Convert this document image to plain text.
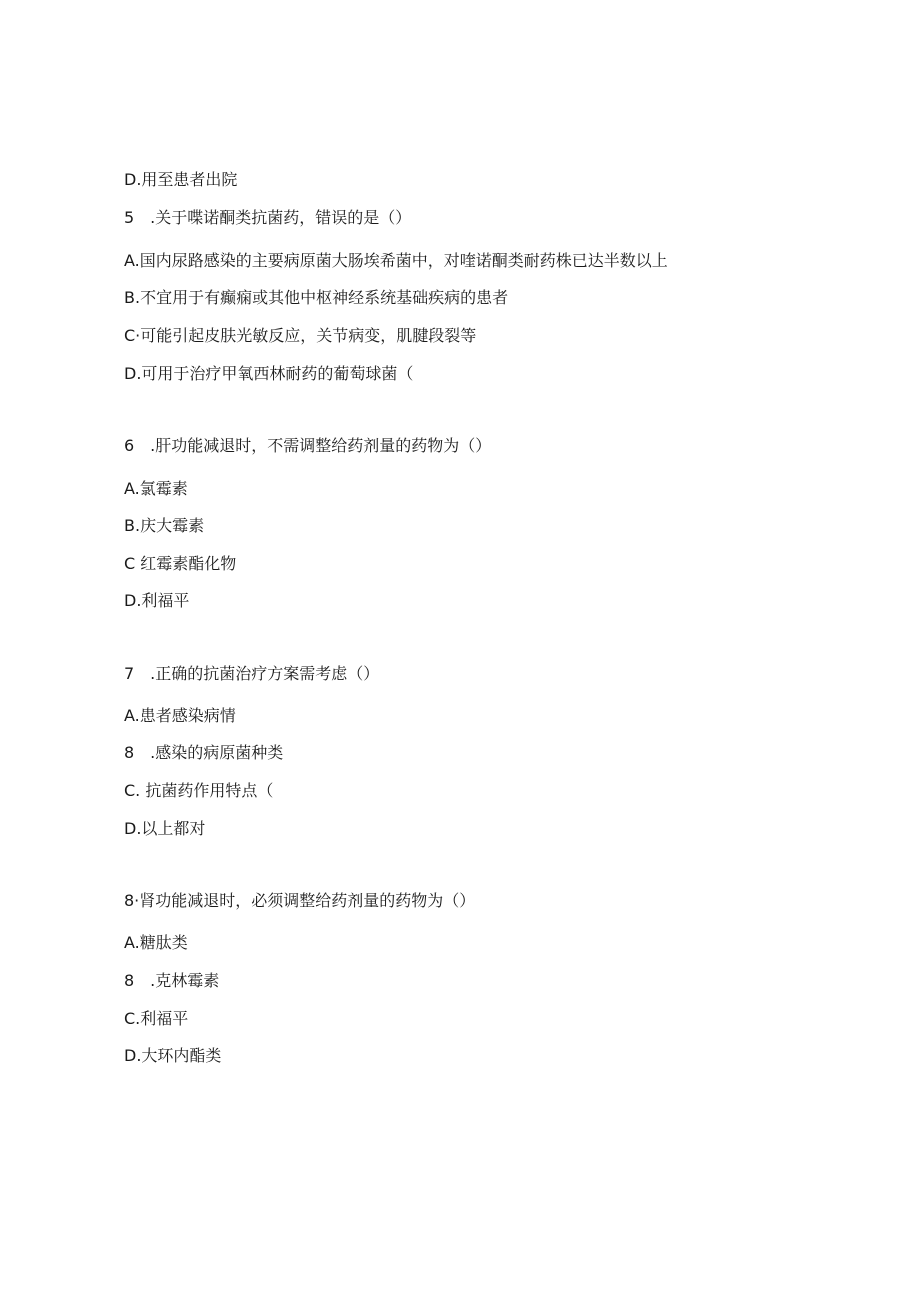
D.用至患者出院
5 .关于喋诺酮类抗菌药，错误的是（）
A.国内尿路感染的主要病原菌大肠埃希菌中，对喹诺酮类耐药株已达半数以上
B.不宜用于有癫痫或其他中枢神经系统基础疾病的患者
C·可能引起皮肤光敏反应，关节病变，肌腱段裂等
D.可用于治疗甲氧西林耐药的葡萄球菌（
6 .肝功能减退时，不需调整给药剂量的药物为（）
A.氯霉素
B.庆大霉素
C 红霉素酯化物
D.利福平
7 .正确的抗菌治疗方案需考虑（）
A.患者感染病情
8 .感染的病原菌种类
C. 抗菌药作用特点（
D.以上都对
8·肾功能减退时，必须调整给药剂量的药物为（）
A.糖肽类
8 .克林霉素
C.利福平
D.大环内酯类
